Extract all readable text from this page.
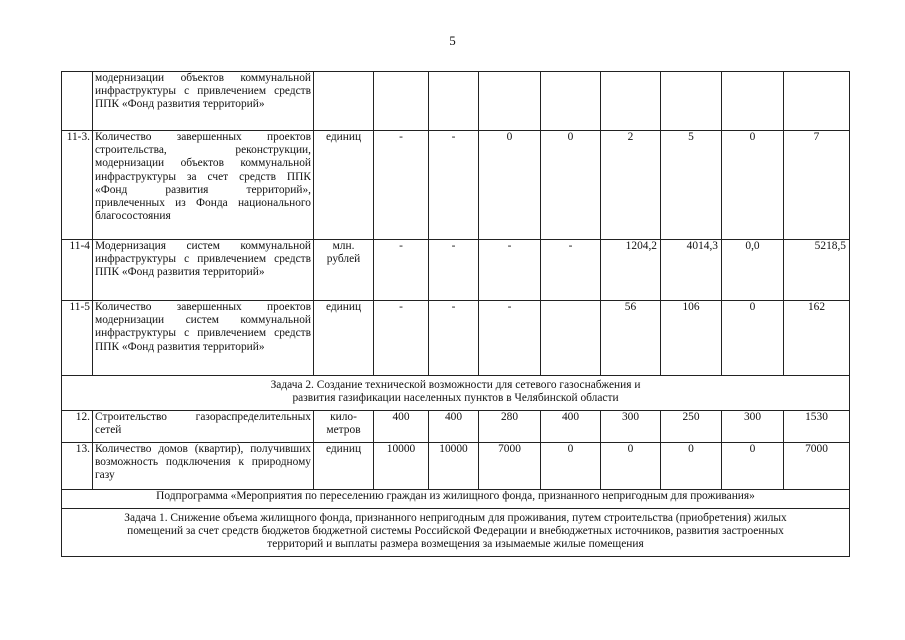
5
	модернизации объектов коммунальной инфраструктуры с привлечением средств ППК «Фонд развития территорий»									
11-3.	Количество завершенных проектов строительства, реконструкции, модернизации объектов коммунальной инфраструктуры за счет средств ППК «Фонд развития территорий», привлеченных из Фонда национального благосостояния	единиц	-	-	0	0	2	5	0	7
11-4	Модернизация систем коммунальной инфраструктуры с привлечением средств ППК «Фонд развития территорий»	млн. рублей	-	-	-	-	1204,2	4014,3	0,0	5218,5
11-5	Количество завершенных проектов модернизации систем коммунальной инфраструктуры с привлечением средств ППК «Фонд развития территорий»	единиц	-	-	-		56	106	0	162
Задача 2. Создание технической возможности для сетевого газоснабжения и развития газификации населенных пунктов в Челябинской области										
12.	Строительство газораспределительных сетей	кило-метров	400	400	280	400	300	250	300	1530
13.	Количество домов (квартир), получивших возможность подключения к природному газу	единиц	10000	10000	7000	0	0	0	0	7000
Подпрограмма «Мероприятия по переселению граждан из жилищного фонда, признанного непригодным для проживания»										
Задача 1. Снижение объема жилищного фонда, признанного непригодным для проживания, путем строительства (приобретения) жилых помещений за счет средств бюджетов бюджетной системы Российской Федерации и внебюджетных источников, развития застроенных территорий и выплаты размера возмещения за изымаемые жилые помещения										
